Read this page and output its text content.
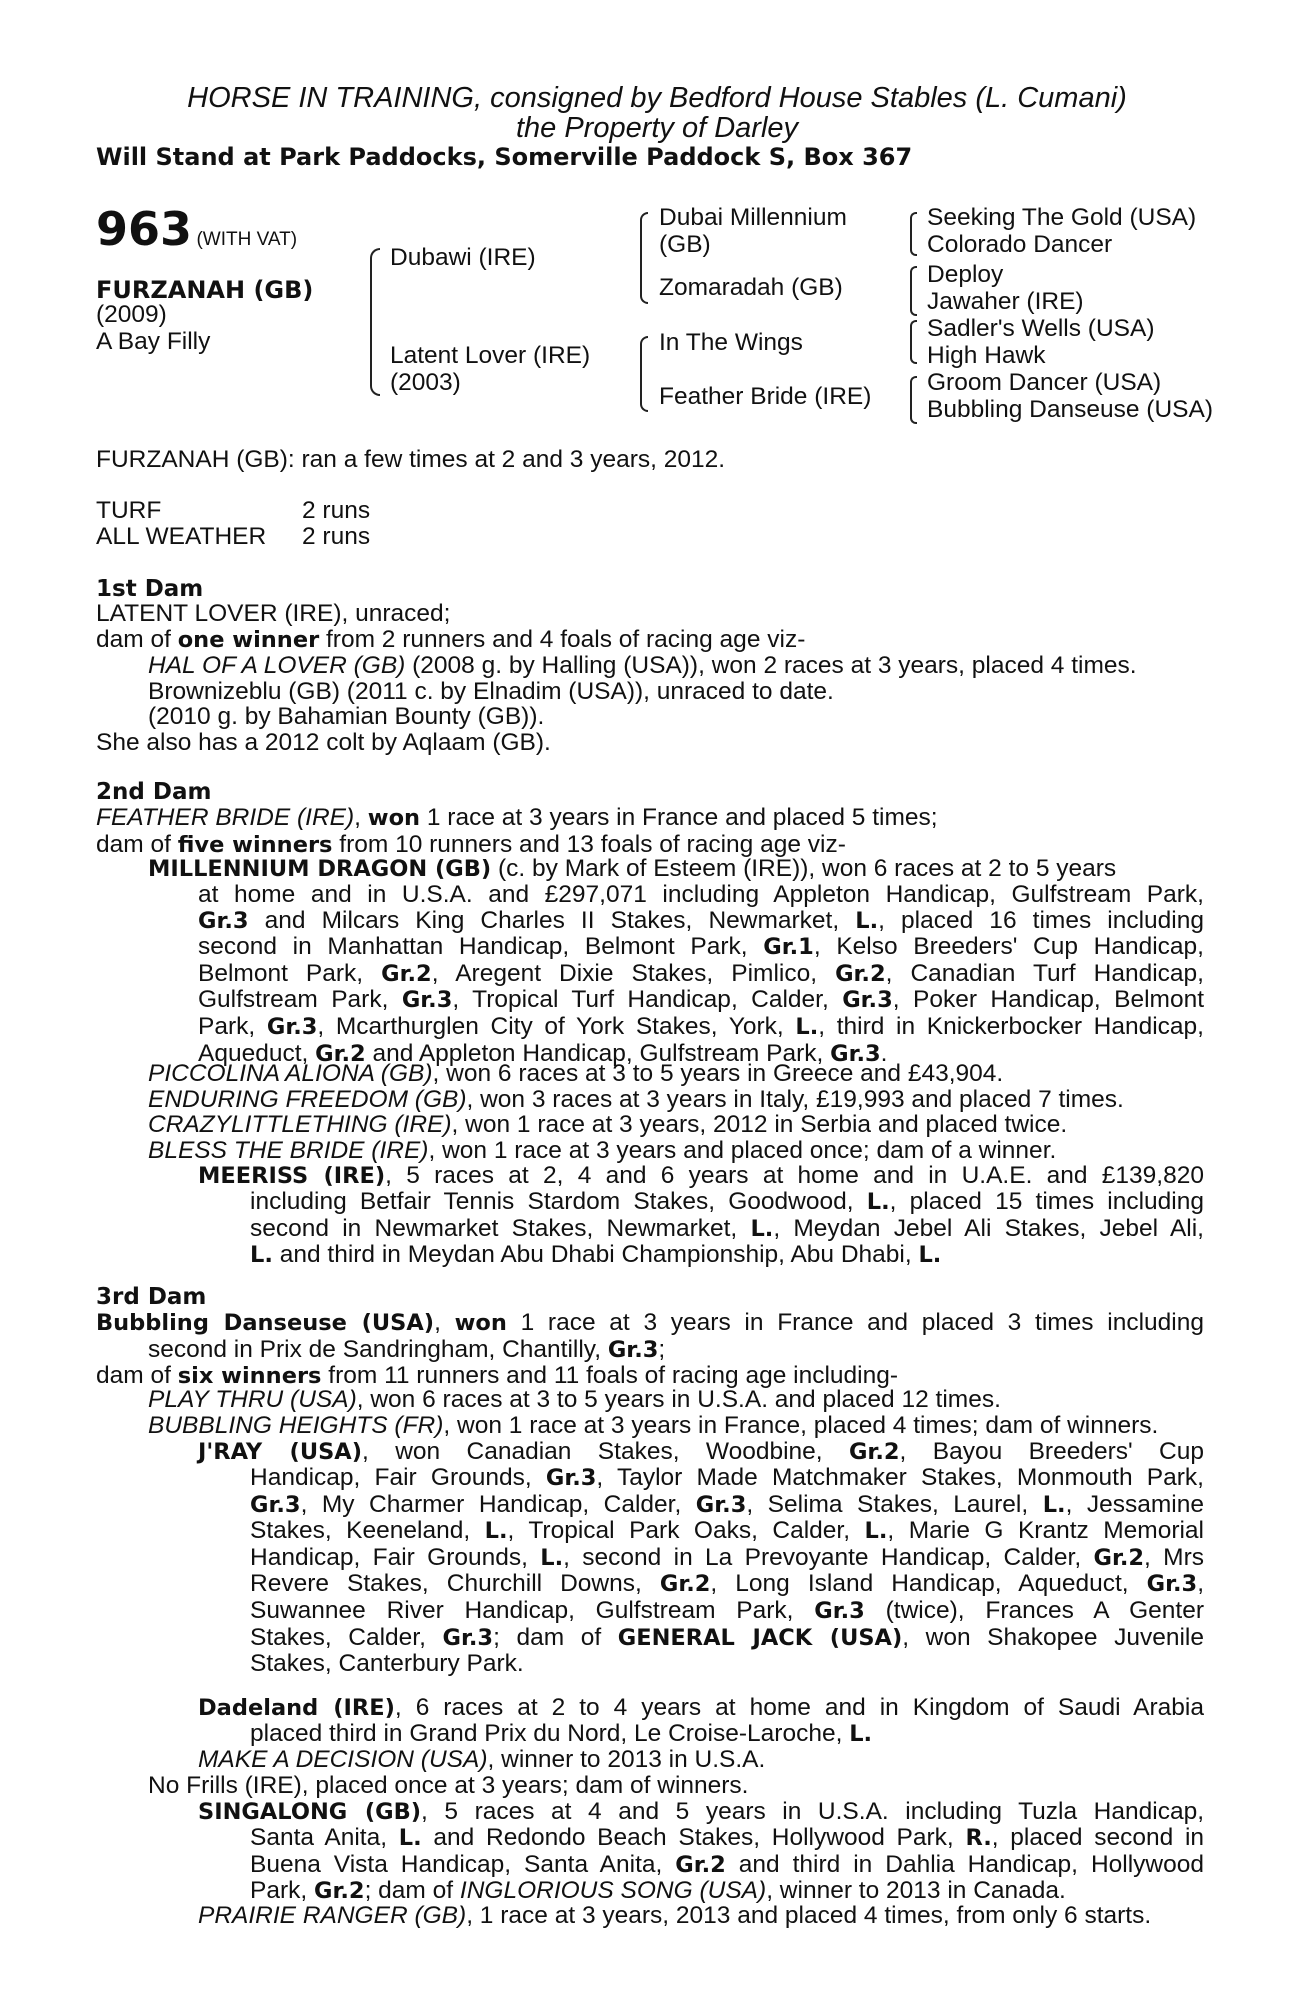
HORSE IN TRAINING, consigned by Bedford House Stables (L. Cumani)
the Property of Darley
Will Stand at Park Paddocks, Somerville Paddock S, Box 367
963 (WITH VAT)
FURZANAH (GB)
(2009)
A Bay Filly
Dubawi (IRE)
Latent Lover (IRE)
(2003)
Dubai Millennium
(GB)
Zomaradah (GB)
In The Wings
Feather Bride (IRE)
Seeking The Gold (USA)
Colorado Dancer
Deploy
Jawaher (IRE)
Sadler's Wells (USA)
High Hawk
Groom Dancer (USA)
Bubbling Danseuse (USA)
FURZANAH (GB): ran a few times at 2 and 3 years, 2012.
TURF	2 runs
ALL WEATHER 2 runs
1st Dam
LATENT LOVER (IRE), unraced;
dam of one winner from 2 runners and 4 foals of racing age viz-
HAL OF A LOVER (GB) (2008 g. by Halling (USA)), won 2 races at 3 years, placed 4 times.
Brownizeblu (GB) (2011 c. by Elnadim (USA)), unraced to date.
(2010 g. by Bahamian Bounty (GB)).
She also has a 2012 colt by Aqlaam (GB).
2nd Dam
FEATHER BRIDE (IRE), won 1 race at 3 years in France and placed 5 times;
dam of five winners from 10 runners and 13 foals of racing age viz-
MILLENNIUM DRAGON (GB) (c. by Mark of Esteem (IRE)), won 6 races at 2 to 5 years
at home and in U.S.A. and £297,071 including Appleton Handicap, Gulfstream Park,
Gr.3 and Milcars King Charles II Stakes, Newmarket, L., placed 16 times including
second in Manhattan Handicap, Belmont Park, Gr.1, Kelso Breeders' Cup Handicap,
Belmont Park, Gr.2, Aregent Dixie Stakes, Pimlico, Gr.2, Canadian Turf Handicap,
Gulfstream Park, Gr.3, Tropical Turf Handicap, Calder, Gr.3, Poker Handicap, Belmont
Park, Gr.3, Mcarthurglen City of York Stakes, York, L., third in Knickerbocker Handicap,
Aqueduct, Gr.2 and Appleton Handicap, Gulfstream Park, Gr.3.
PICCOLINA ALIONA (GB), won 6 races at 3 to 5 years in Greece and £43,904.
ENDURING FREEDOM (GB), won 3 races at 3 years in Italy, £19,993 and placed 7 times.
CRAZYLITTLETHING (IRE), won 1 race at 3 years, 2012 in Serbia and placed twice.
BLESS THE BRIDE (IRE), won 1 race at 3 years and placed once; dam of a winner.
MEERISS (IRE), 5 races at 2, 4 and 6 years at home and in U.A.E. and £139,820
including Betfair Tennis Stardom Stakes, Goodwood, L., placed 15 times including
second in Newmarket Stakes, Newmarket, L., Meydan Jebel Ali Stakes, Jebel Ali,
L. and third in Meydan Abu Dhabi Championship, Abu Dhabi, L.
3rd Dam
Bubbling Danseuse (USA), won 1 race at 3 years in France and placed 3 times including
second in Prix de Sandringham, Chantilly, Gr.3;
dam of six winners from 11 runners and 11 foals of racing age including-
PLAY THRU (USA), won 6 races at 3 to 5 years in U.S.A. and placed 12 times.
BUBBLING HEIGHTS (FR), won 1 race at 3 years in France, placed 4 times; dam of winners.
J'RAY (USA), won Canadian Stakes, Woodbine, Gr.2, Bayou Breeders' Cup
Handicap, Fair Grounds, Gr.3, Taylor Made Matchmaker Stakes, Monmouth Park,
Gr.3, My Charmer Handicap, Calder, Gr.3, Selima Stakes, Laurel, L., Jessamine
Stakes, Keeneland, L., Tropical Park Oaks, Calder, L., Marie G Krantz Memorial
Handicap, Fair Grounds, L., second in La Prevoyante Handicap, Calder, Gr.2, Mrs
Revere Stakes, Churchill Downs, Gr.2, Long Island Handicap, Aqueduct, Gr.3,
Suwannee River Handicap, Gulfstream Park, Gr.3 (twice), Frances A Genter
Stakes, Calder, Gr.3; dam of GENERAL JACK (USA), won Shakopee Juvenile
Stakes, Canterbury Park.
Dadeland (IRE), 6 races at 2 to 4 years at home and in Kingdom of Saudi Arabia
placed third in Grand Prix du Nord, Le Croise-Laroche, L.
MAKE A DECISION (USA), winner to 2013 in U.S.A.
No Frills (IRE), placed once at 3 years; dam of winners.
SINGALONG (GB), 5 races at 4 and 5 years in U.S.A. including Tuzla Handicap,
Santa Anita, L. and Redondo Beach Stakes, Hollywood Park, R., placed second in
Buena Vista Handicap, Santa Anita, Gr.2 and third in Dahlia Handicap, Hollywood
Park, Gr.2; dam of INGLORIOUS SONG (USA), winner to 2013 in Canada.
PRAIRIE RANGER (GB), 1 race at 3 years, 2013 and placed 4 times, from only 6 starts.
